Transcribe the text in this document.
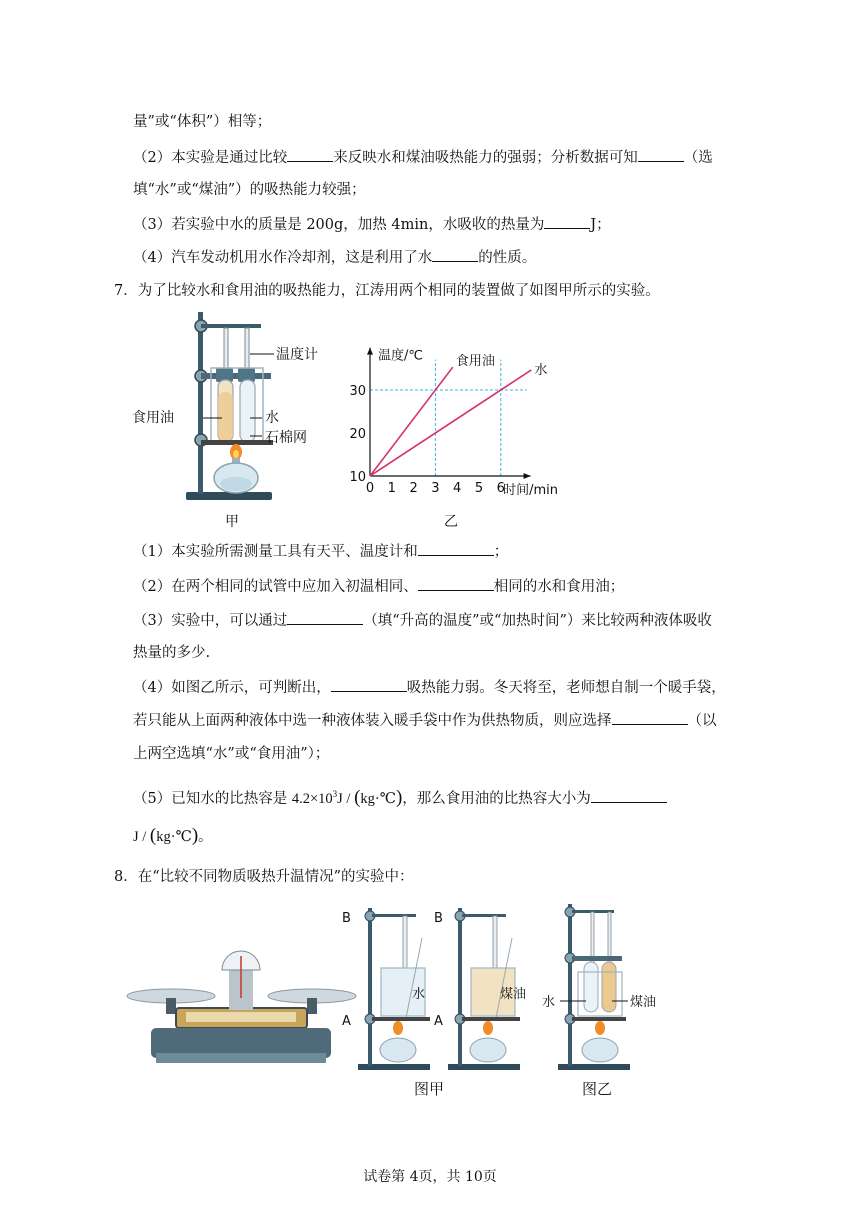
量”或“体积”）相等；
（2）本实验是通过比较	来反映水和煤油吸热能力的强弱；分析数据可知	（选
填“水”或“煤油”）的吸热能力较强；
（3）若实验中水的质量是 200g，加热 4min，水吸收的热量为	J；
（4）汽车发动机用水作冷却剂，这是利用了水	的性质。
7．为了比较水和食用油的吸热能力，江涛用两个相同的装置做了如图甲所示的实验。
温度计
食用油	水
石棉网
甲
0 1 2 3 4 5 6
10
20
30
时间/min
温度/℃	食用油
水
乙
（1）本实验所需测量工具有天平、温度计和	；
（2）在两个相同的试管中应加入初温相同、	相同的水和食用油；
（3）实验中，可以通过	（填“升高的温度”或“加热时间”）来比较两种液体吸收
热量的多少.
（4）如图乙所示，可判断出，	吸热能力弱。冬天将至，老师想自制一个暖手袋，
若只能从上面两种液体中选一种液体装入暖手袋中作为供热物质，则应选择	（以
上两空选填“水”或“食用油”）；
（5）已知水的比热容是 $4.2\times 10^3J$ / (kg·℃)，那么食用油的比热容大小为
J / (kg·℃)。
8．在“比较不同物质吸热升温情况”的实验中：
B	B
A	A
水	煤油
水	煤油
图甲	图乙
试卷第 4页，共 10页
